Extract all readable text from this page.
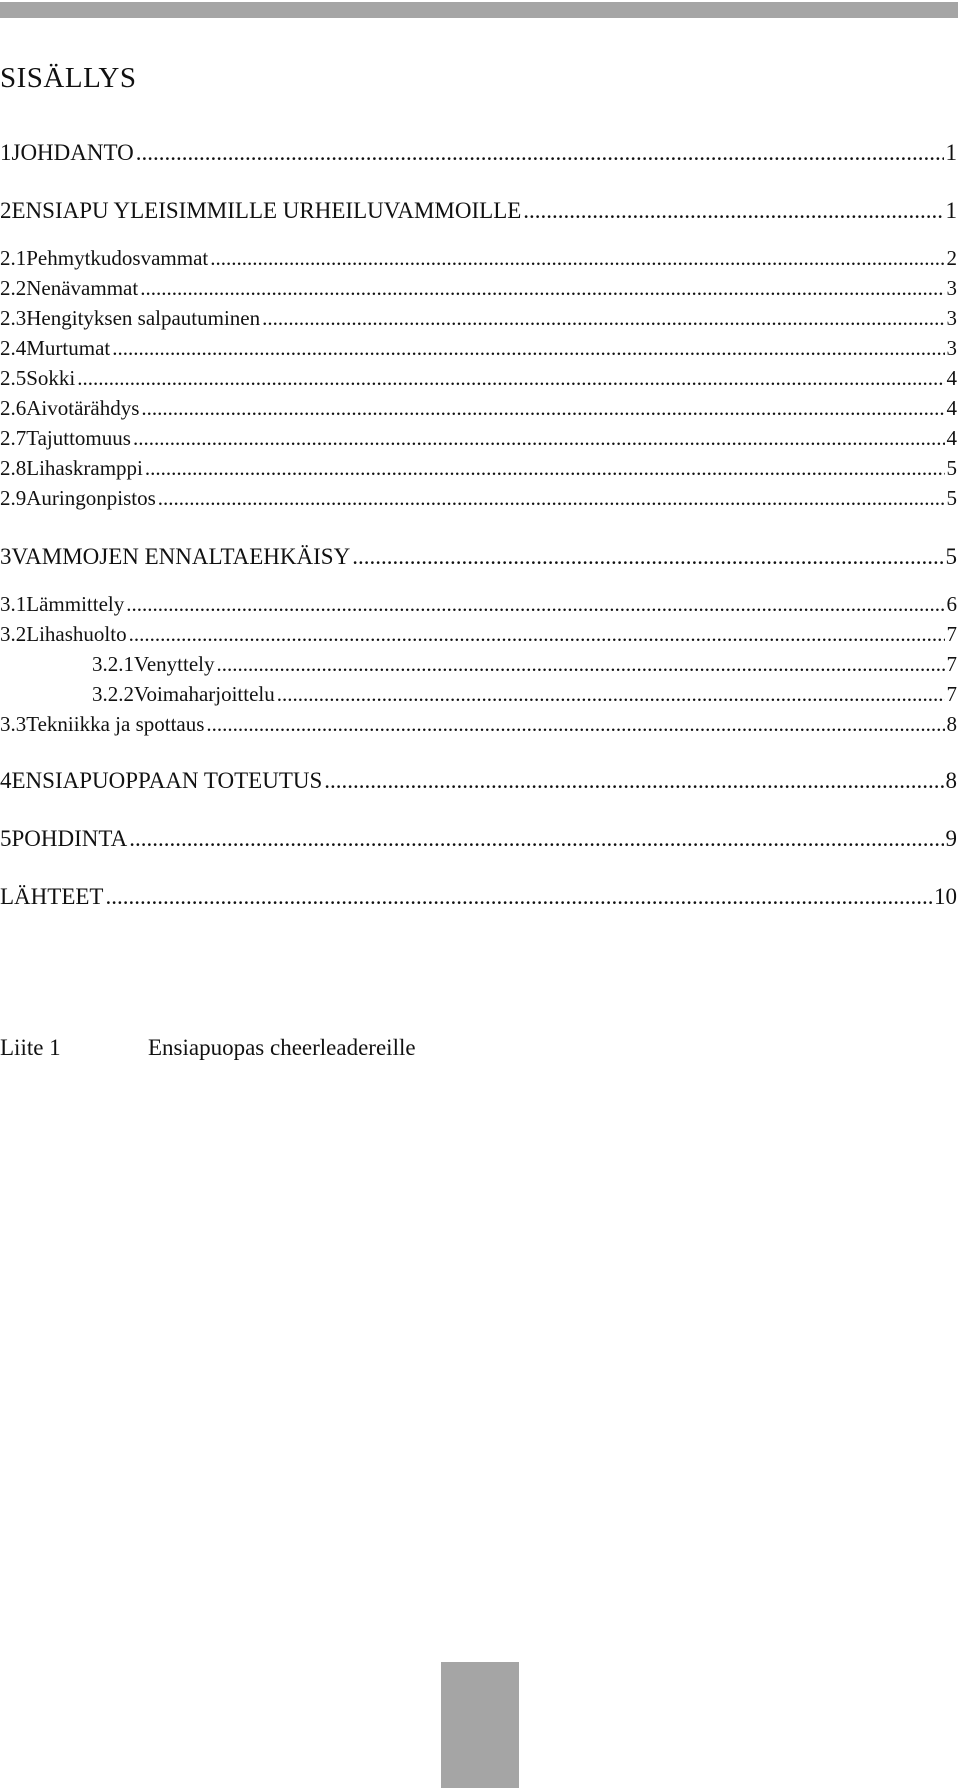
SISÄLLYS
1 JOHDANTO .....	1
2 ENSIAPU YLEISIMMILLE URHEILUVAMMOILLE .....	1
2.1 Pehmytkudosvammat .....	2
2.2 Nenävammat .....	3
2.3 Hengityksen salpautuminen .....	3
2.4 Murtumat .....	3
2.5 Sokki .....	4
2.6 Aivotärähdys .....	4
2.7 Tajuttomuus .....	4
2.8 Lihaskramppi .....	5
2.9 Auringonpistos .....	5
3 VAMMOJEN ENNALTAEHKÄISY .....	5
3.1 Lämmittely .....	6
3.2 Lihashuolto .....	7
3.2.1 Venyttely .....	7
3.2.2 Voimaharjoittelu .....	7
3.3 Tekniikka ja spottaus .....	8
4 ENSIAPUOPPAAN TOTEUTUS .....	8
5 POHDINTA .....	9
LÄHTEET .....	10
Liite 1	Ensiapuopas cheerleadereille
